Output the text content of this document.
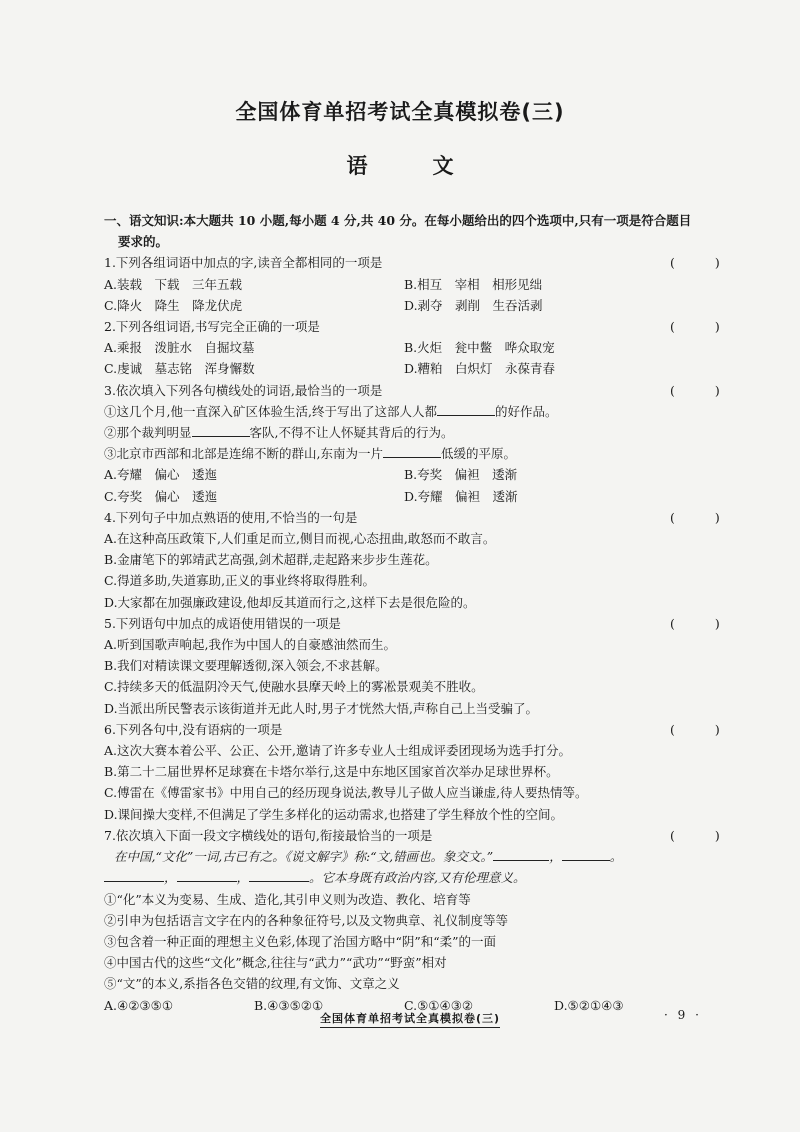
全国体育单招考试全真模拟卷(三)
语　文
一、语文知识:本大题共 10 小题,每小题 4 分,共 40 分。在每小题给出的四个选项中,只有一项是符合题目
要求的。
1.下列各组词语中加点的字,读音全都相同的一项是	( )
A.装载　下载　三年五载	B.相互　宰相　相形见绌
C.降火　降生　降龙伏虎	D.剥夺　剥削　生吞活剥
2.下列各组词语,书写完全正确的一项是	( )
A.乘报　泼脏水　自掘坟墓	B.火炬　瓮中鳖　哗众取宠
C.虔诚　墓志铭　浑身懈数	D.糟粕　白炽灯　永葆青春
3.依次填入下列各句横线处的词语,最恰当的一项是	( )
①这几个月,他一直深入矿区体验生活,终于写出了这部人人都	的好作品。
②那个裁判明显	客队,不得不让人怀疑其背后的行为。
③北京市西部和北部是连绵不断的群山,东南为一片	低缓的平原。
A.夸耀　偏心　逶迤	B.夸奖　偏袒　逶渐
C.夸奖　偏心　逶迤	D.夸耀　偏袒　逶渐
4.下列句子中加点熟语的使用,不恰当的一句是	( )
A.在这种高压政策下,人们重足而立,侧目而视,心态扭曲,敢怒而不敢言。
B.金庸笔下的郭靖武艺高强,剑术超群,走起路来步步生莲花。
C.得道多助,失道寡助,正义的事业终将取得胜利。
D.大家都在加强廉政建设,他却反其道而行之,这样下去是很危险的。
5.下列语句中加点的成语使用错误的一项是	( )
A.听到国歌声响起,我作为中国人的自豪感油然而生。
B.我们对精读课文要理解透彻,深入领会,不求甚解。
C.持续多天的低温阴冷天气,使融水县摩天岭上的雾凇景观美不胜收。
D.当派出所民警表示该街道并无此人时,男子才恍然大悟,声称自己上当受骗了。
6.下列各句中,没有语病的一项是	( )
A.这次大赛本着公平、公正、公开,邀请了许多专业人士组成评委团现场为选手打分。
B.第二十二届世界杯足球赛在卡塔尔举行,这是中东地区国家首次举办足球世界杯。
C.傅雷在《傅雷家书》中用自己的经历现身说法,教导儿子做人应当谦虚,待人要热情等。
D.课间操大变样,不但满足了学生多样化的运动需求,也搭建了学生释放个性的空间。
7.依次填入下面一段文字横线处的语句,衔接最恰当的一项是	( )
在中国,“文化”一词,古已有之。《说文解字》称:“文,错画也。象交文。”	，	。
，	，	。它本身既有政治内容,又有伦理意义。
①“化”本义为变易、生成、造化,其引申义则为改造、教化、培育等
②引申为包括语言文字在内的各种象征符号,以及文物典章、礼仪制度等等
③包含着一种正面的理想主义色彩,体现了治国方略中“阴”和“柔”的一面
④中国古代的这些“文化”概念,往往与“武力”“武功”“野蛮”相对
⑤“文”的本义,系指各色交错的纹理,有文饰、文章之义
A.④②③⑤①	B.④③⑤②①	C.⑤①④③②	D.⑤②①④③
全国体育单招考试全真模拟卷(三)	· 9 ·
